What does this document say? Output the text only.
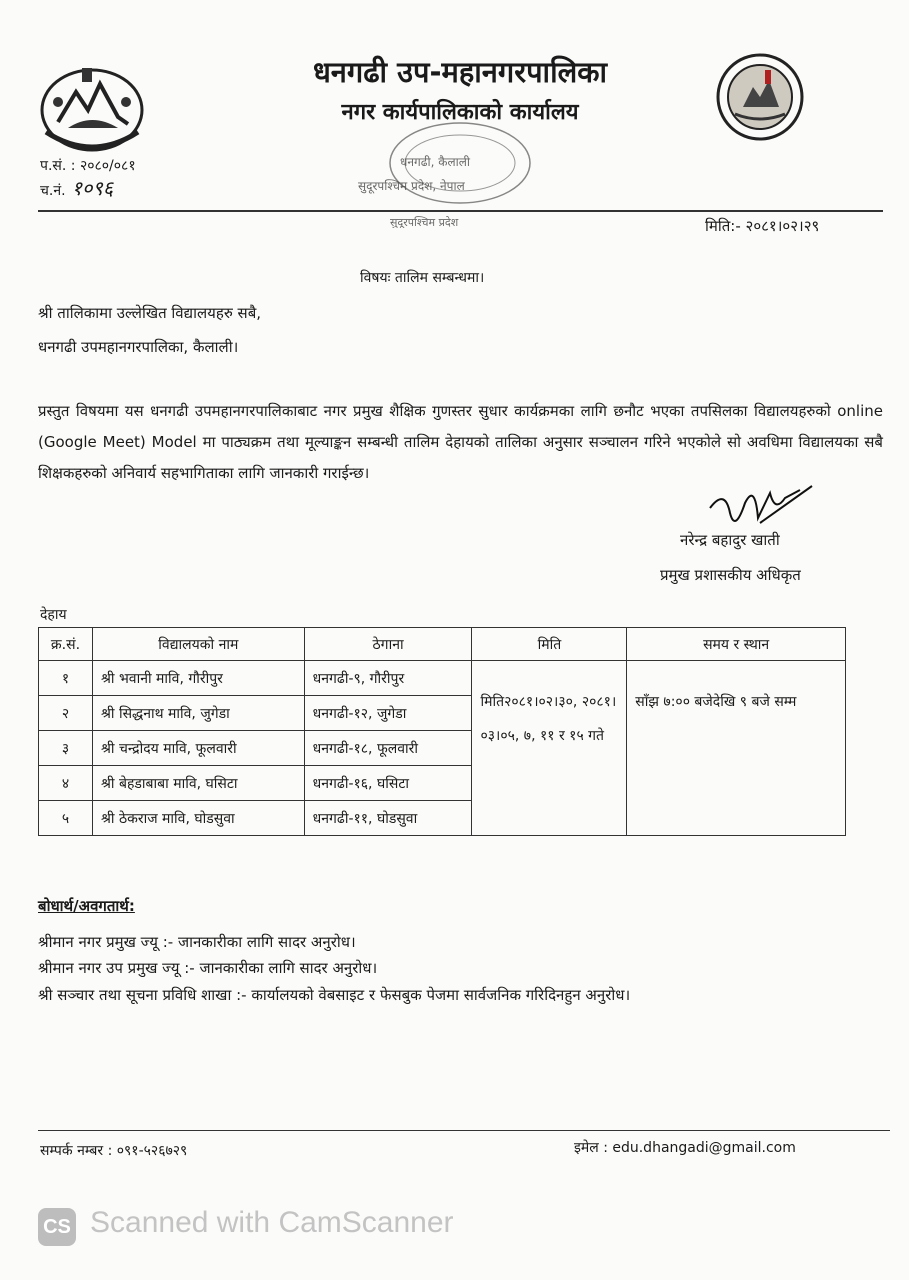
धनगढी उप-महानगरपालिका
नगर कार्यपालिकाको कार्यालय
धनगढी, कैलाली
सुदूरपश्चिम प्रदेश, नेपाल
सुदूरपश्चिम प्रदेश
प.सं. : २०८०/०८१
च.नं. १०९६
मिति:- २०८१।०२।२९
विषयः तालिम सम्बन्धमा।
श्री तालिकामा उल्लेखित विद्यालयहरु सबै,
धनगढी उपमहानगरपालिका, कैलाली।
प्रस्तुत विषयमा यस धनगढी उपमहानगरपालिकाबाट नगर प्रमुख शैक्षिक गुणस्तर सुधार कार्यक्रमका लागि छनौट भएका तपसिलका विद्यालयहरुको online (Google Meet) Model मा पाठ्यक्रम तथा मूल्याङ्कन सम्बन्धी तालिम देहायको तालिका अनुसार सञ्चालन गरिने भएकोले सो अवधिमा विद्यालयका सबै शिक्षकहरुको अनिवार्य सहभागिताका लागि जानकारी गराईन्छ।
नरेन्द्र बहादुर खाती
प्रमुख प्रशासकीय अधिकृत
देहाय
क्र.सं.	विद्यालयको नाम	ठेगाना	मिति	समय र स्थान
१	श्री भवानी मावि, गौरीपुर	धनगढी-९, गौरीपुर	मिति२०८१।०२।३०, २०८१।०३।०५, ७, ११ र १५ गते	साँझ ७:०० बजेदेखि ९ बजे सम्म
२	श्री सिद्धनाथ मावि, जुगेडा	धनगढी-१२, जुगेडा		
३	श्री चन्द्रोदय मावि, फूलवारी	धनगढी-१८, फूलवारी		
४	श्री बेहडाबाबा मावि, घसिटा	धनगढी-१६, घसिटा		
५	श्री ठेकराज मावि, घोडसुवा	धनगढी-११, घोडसुवा		
बोधार्थ/अवगतार्थ:
श्रीमान नगर प्रमुख ज्यू :- जानकारीका लागि सादर अनुरोध।
श्रीमान नगर उप प्रमुख ज्यू :- जानकारीका लागि सादर अनुरोध।
श्री सञ्चार तथा सूचना प्रविधि शाखा :- कार्यालयको वेबसाइट र फेसबुक पेजमा सार्वजनिक गरिदिनहुन अनुरोध।
सम्पर्क नम्बर : ०९१-५२६७२९	इमेल : edu.dhangadi@gmail.com
CS Scanned with CamScanner
